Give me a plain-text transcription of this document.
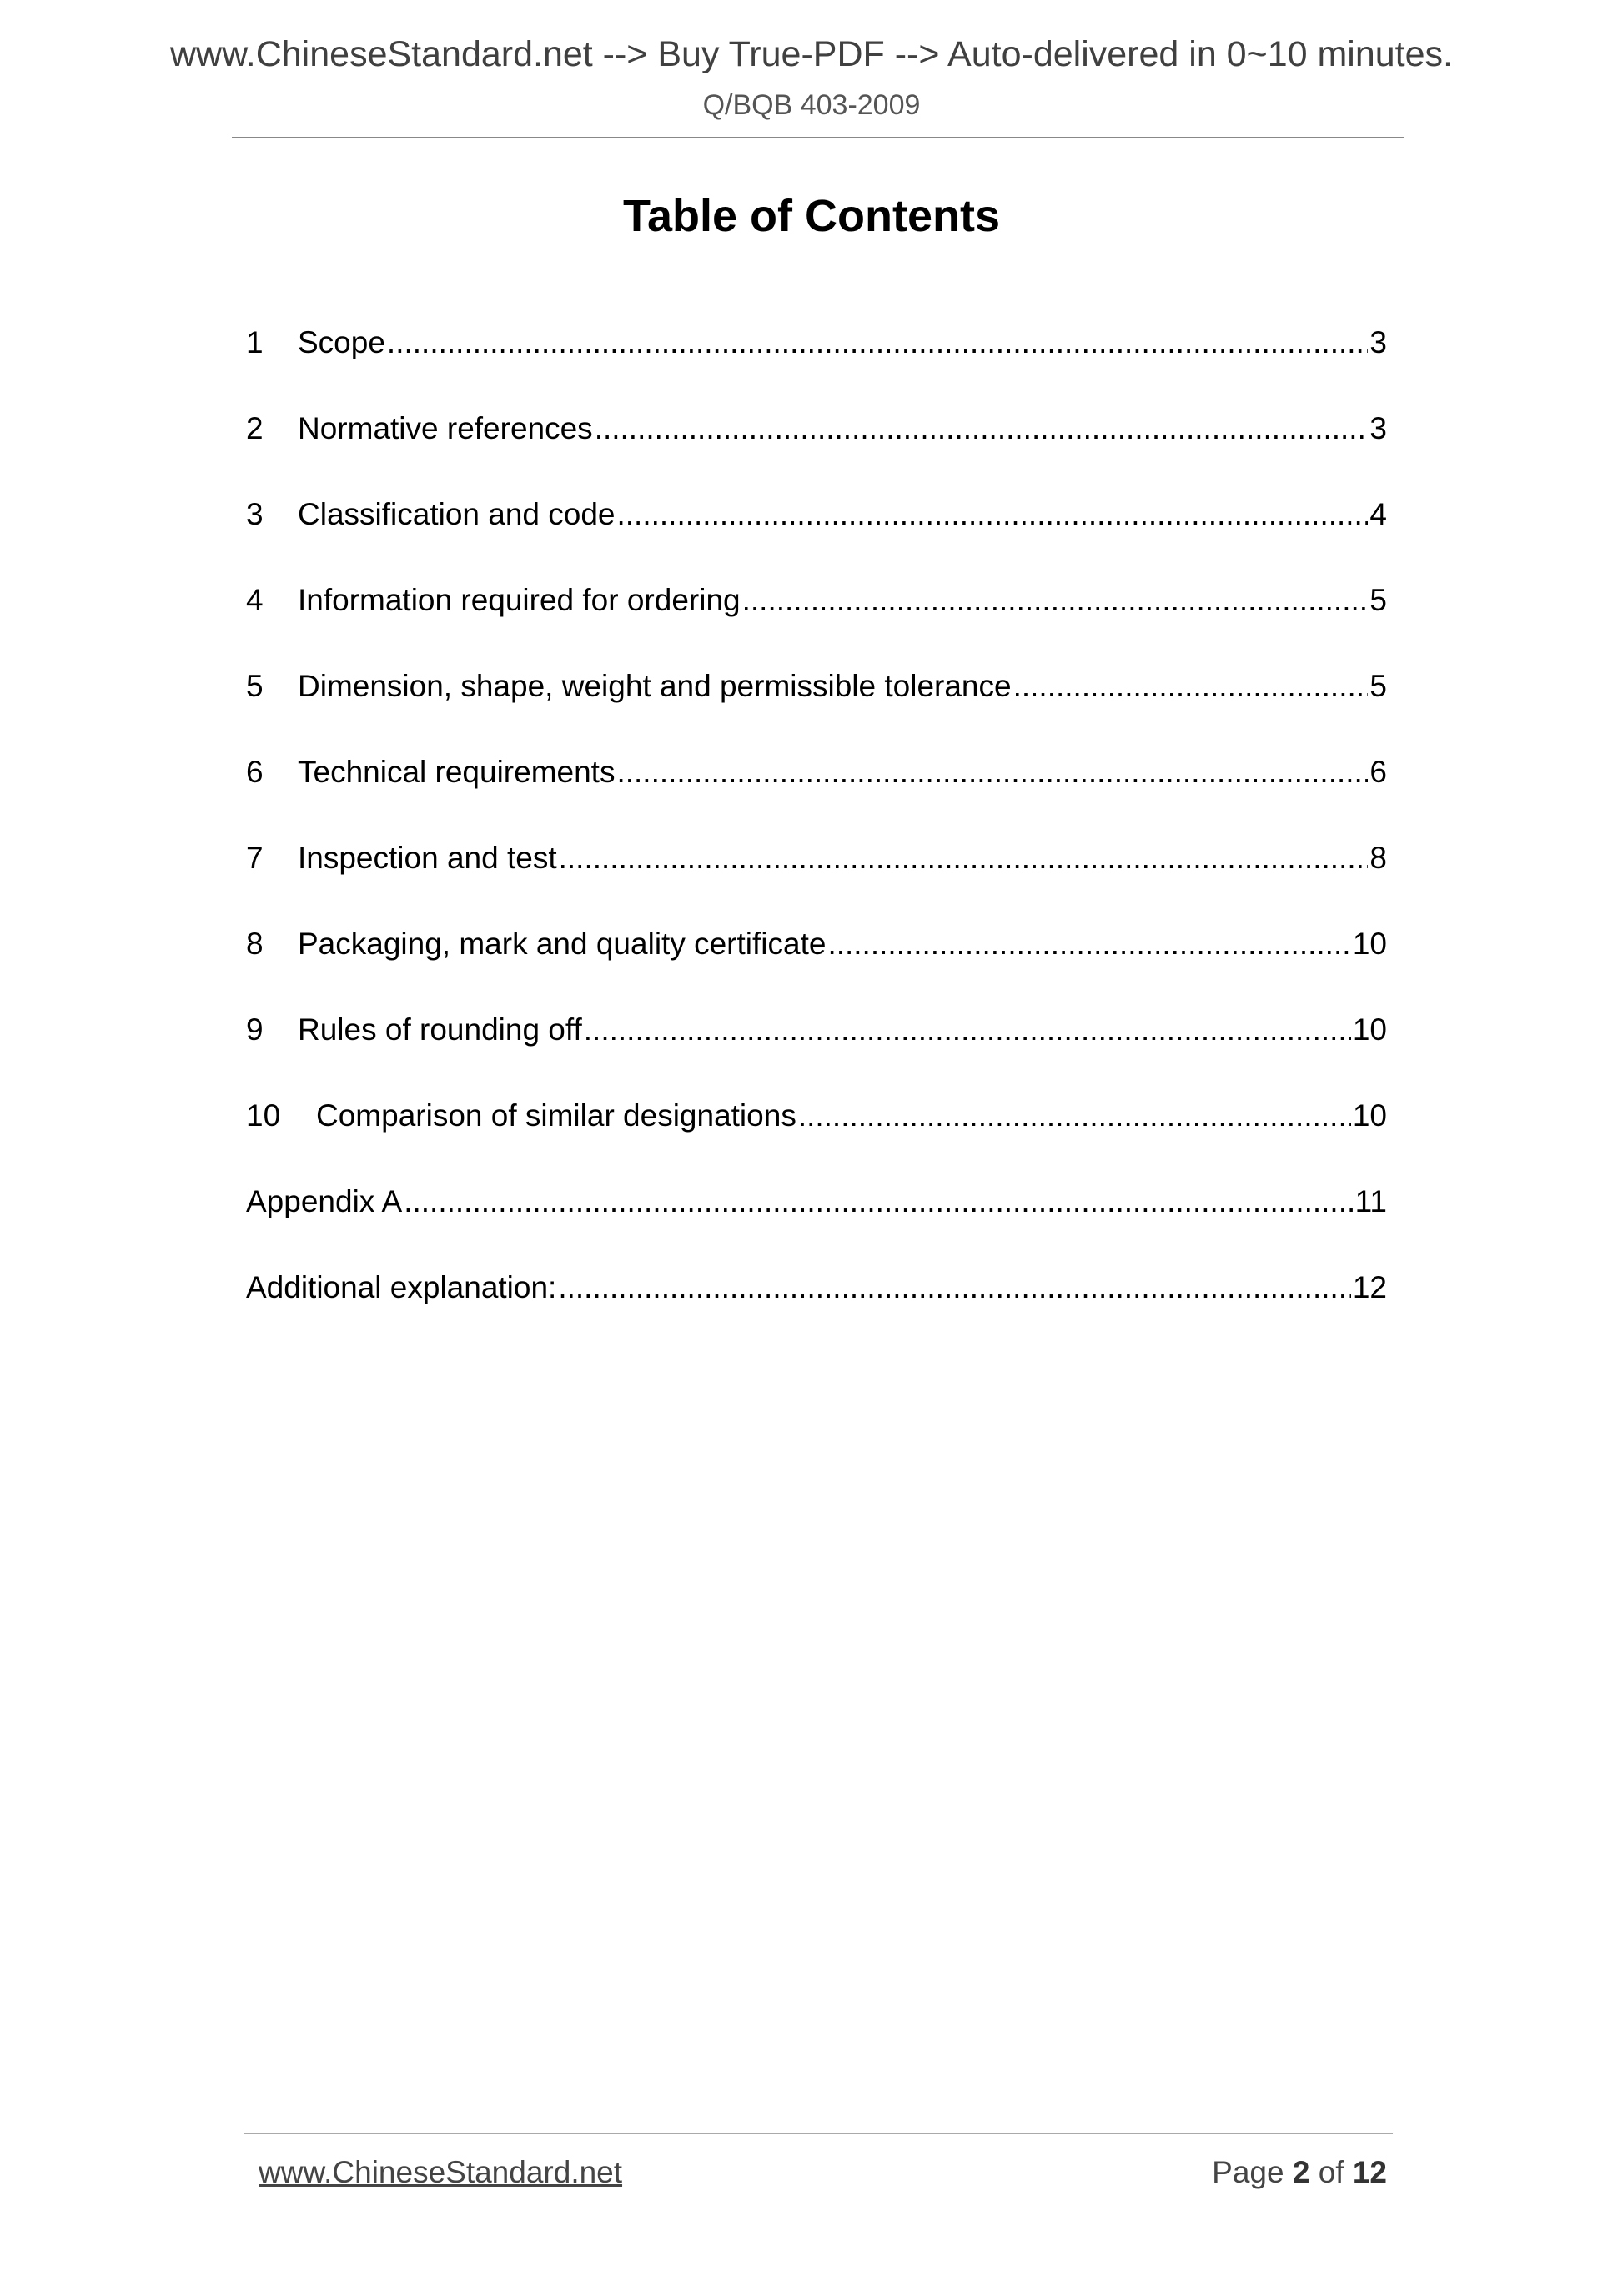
www.ChineseStandard.net --> Buy True-PDF --> Auto-delivered in 0~10 minutes.
Q/BQB 403-2009
Table of Contents
1	Scope .....	3
2	Normative references .....	3
3	Classification and code .....	4
4	Information required for ordering .....	5
5	Dimension, shape, weight and permissible tolerance .....	5
6	Technical requirements .....	6
7	Inspection and test .....	8
8	Packaging, mark and quality certificate .....	10
9	Rules of rounding off .....	10
10	Comparison of similar designations .....	10
Appendix A .....	11
Additional explanation: .....	12
www.ChineseStandard.net	Page 2 of 12
